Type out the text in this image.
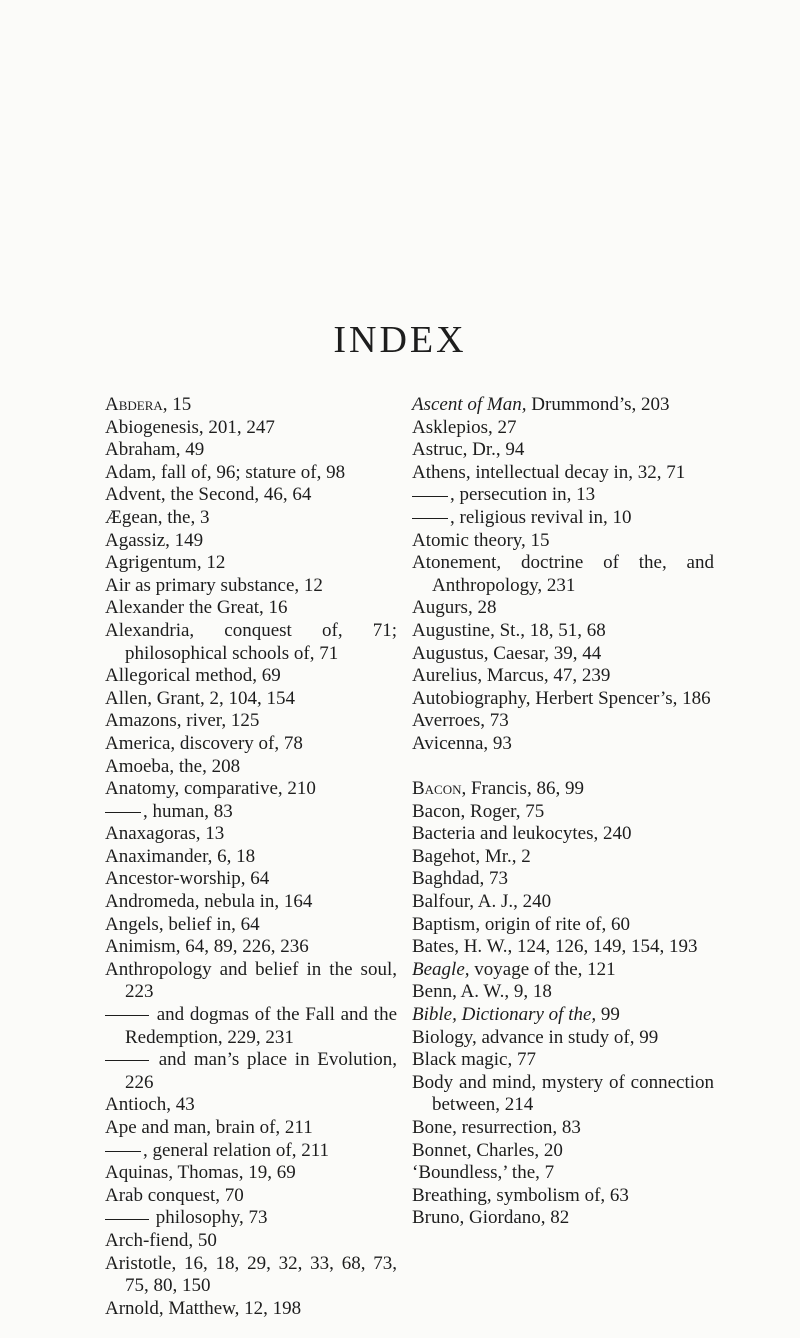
INDEX
Abdera, 15
Abiogenesis, 201, 247
Abraham, 49
Adam, fall of, 96; stature of, 98
Advent, the Second, 46, 64
Ægean, the, 3
Agassiz, 149
Agrigentum, 12
Air as primary substance, 12
Alexander the Great, 16
Alexandria, conquest of, 71; philosophical schools of, 71
Allegorical method, 69
Allen, Grant, 2, 104, 154
Amazons, river, 125
America, discovery of, 78
Amoeba, the, 208
Anatomy, comparative, 210
, human, 83
Anaxagoras, 13
Anaximander, 6, 18
Ancestor-worship, 64
Andromeda, nebula in, 164
Angels, belief in, 64
Animism, 64, 89, 226, 236
Anthropology and belief in the soul, 223
and dogmas of the Fall and the Redemption, 229, 231
and man’s place in Evolution, 226
Antioch, 43
Ape and man, brain of, 211
, general relation of, 211
Aquinas, Thomas, 19, 69
Arab conquest, 70
philosophy, 73
Arch-fiend, 50
Aristotle, 16, 18, 29, 32, 33, 68, 73, 75, 80, 150
Arnold, Matthew, 12, 198
Ascent of Man, Drummond’s, 203
Asklepios, 27
Astruc, Dr., 94
Athens, intellectual decay in, 32, 71
, persecution in, 13
, religious revival in, 10
Atomic theory, 15
Atonement, doctrine of the, and Anthropology, 231
Augurs, 28
Augustine, St., 18, 51, 68
Augustus, Caesar, 39, 44
Aurelius, Marcus, 47, 239
Autobiography, Herbert Spencer’s, 186
Averroes, 73
Avicenna, 93
Bacon, Francis, 86, 99
Bacon, Roger, 75
Bacteria and leukocytes, 240
Bagehot, Mr., 2
Baghdad, 73
Balfour, A. J., 240
Baptism, origin of rite of, 60
Bates, H. W., 124, 126, 149, 154, 193
Beagle, voyage of the, 121
Benn, A. W., 9, 18
Bible, Dictionary of the, 99
Biology, advance in study of, 99
Black magic, 77
Body and mind, mystery of connection between, 214
Bone, resurrection, 83
Bonnet, Charles, 20
‘Boundless,’ the, 7
Breathing, symbolism of, 63
Bruno, Giordano, 82
